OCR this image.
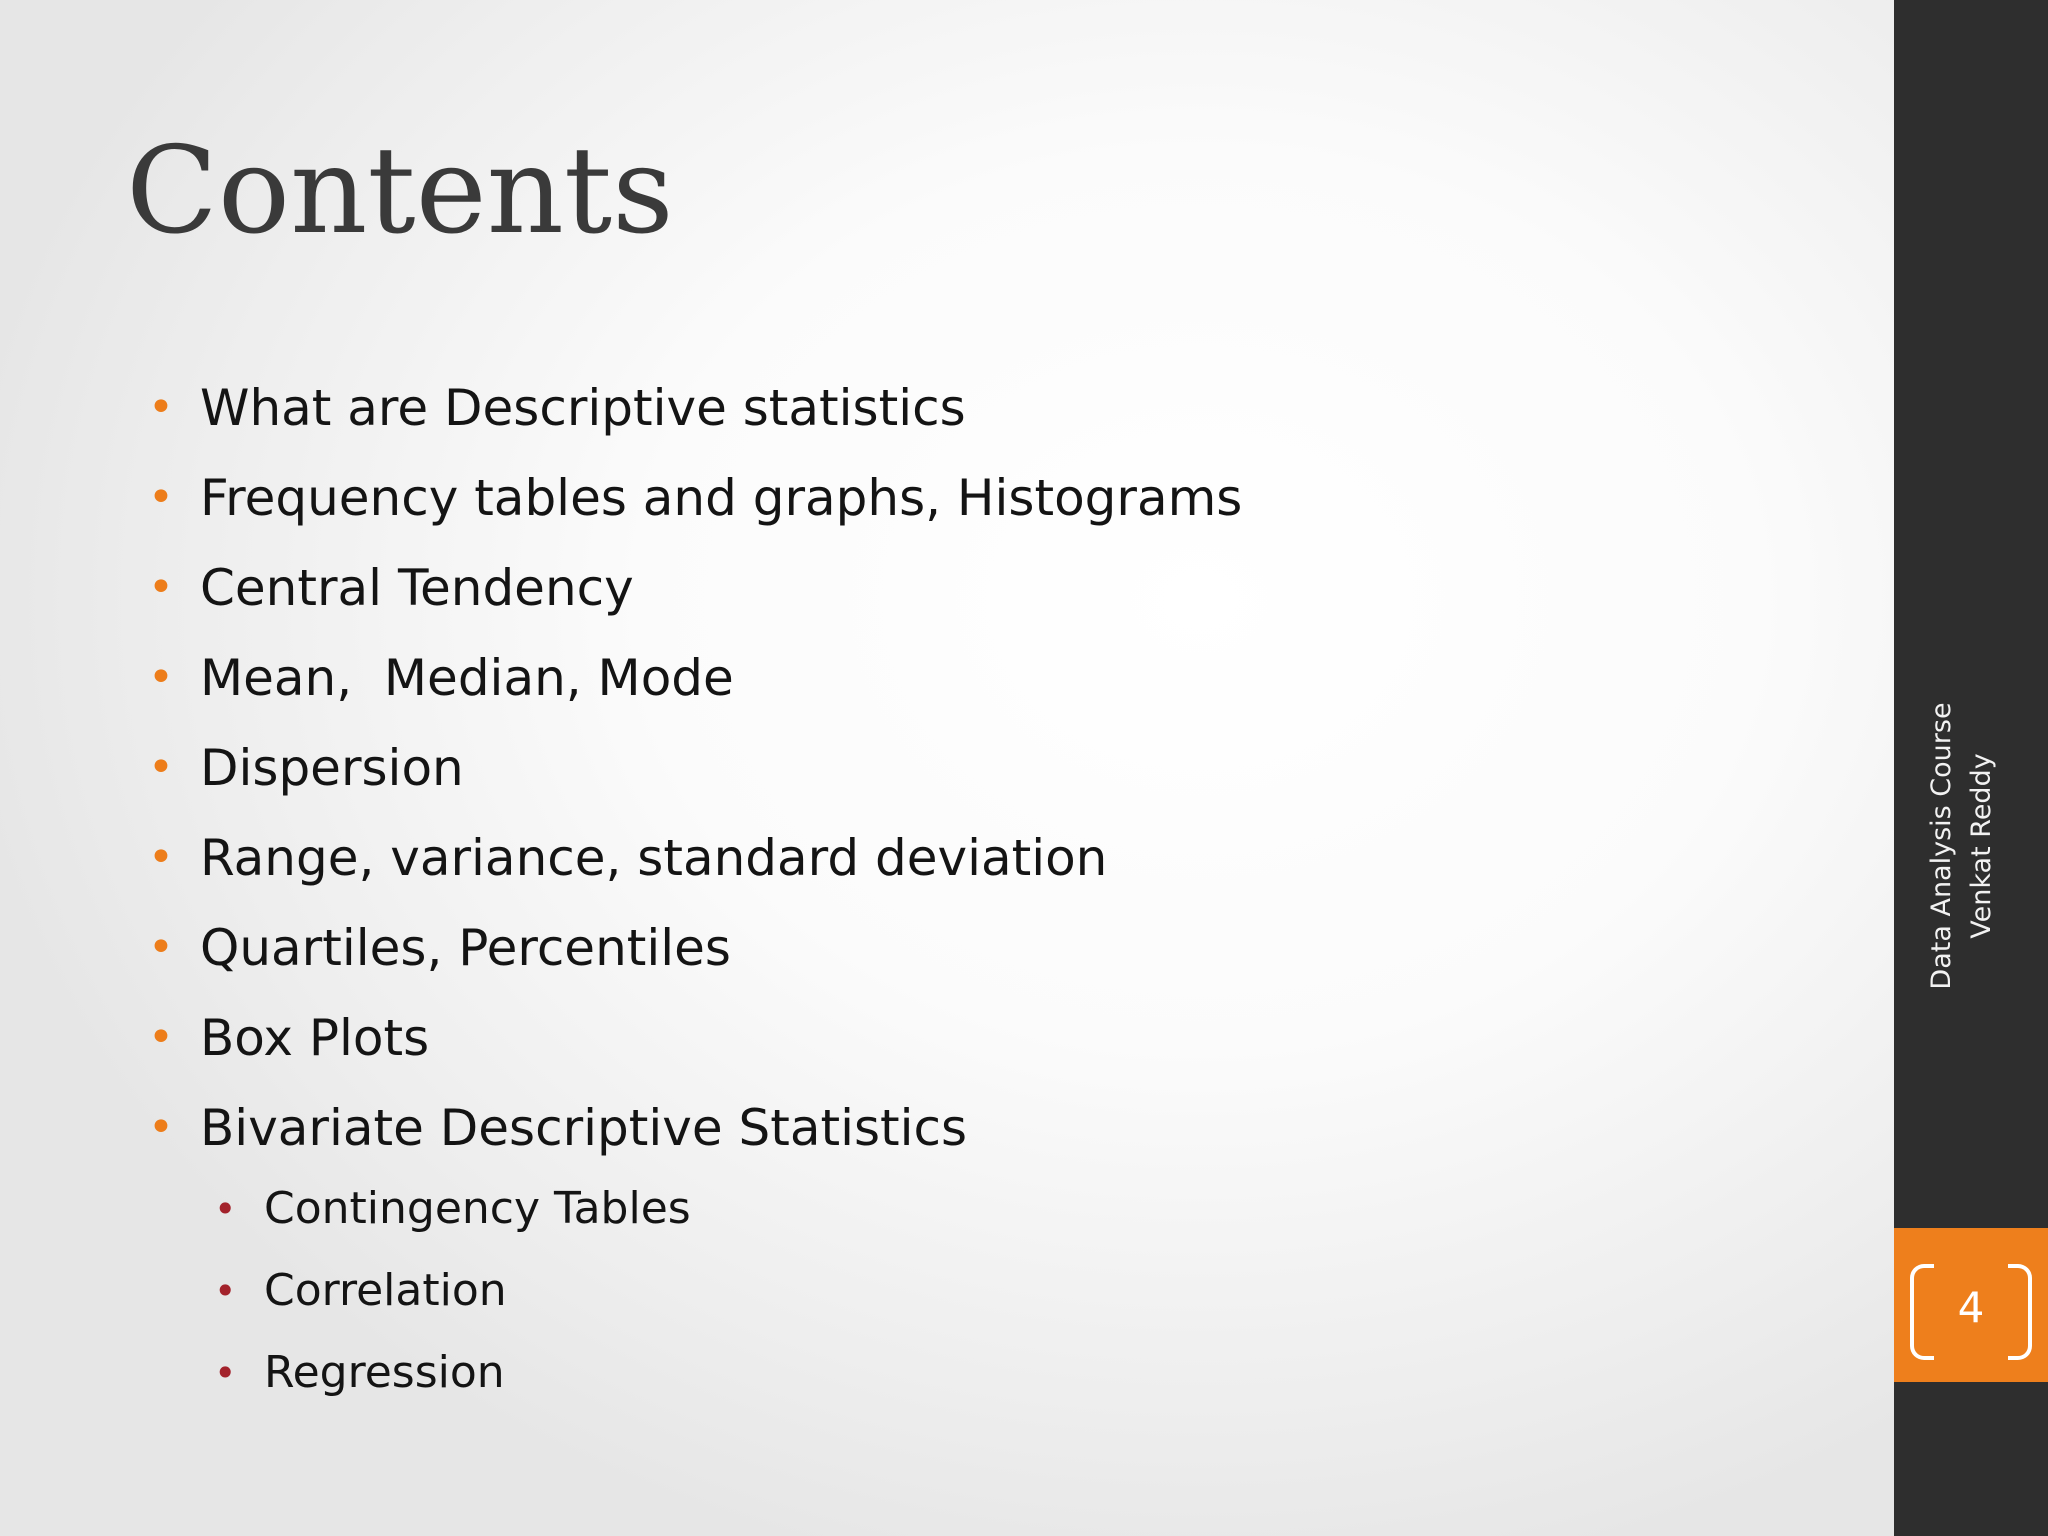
Contents
• What are Descriptive statistics
• Frequency tables and graphs, Histograms
• Central Tendency
• Mean,  Median, Mode
• Dispersion
• Range, variance, standard deviation
• Quartiles, Percentiles
• Box Plots
• Bivariate Descriptive Statistics
• Contingency Tables
• Correlation
• Regression
Data Analysis Course Venkat Reddy
4
